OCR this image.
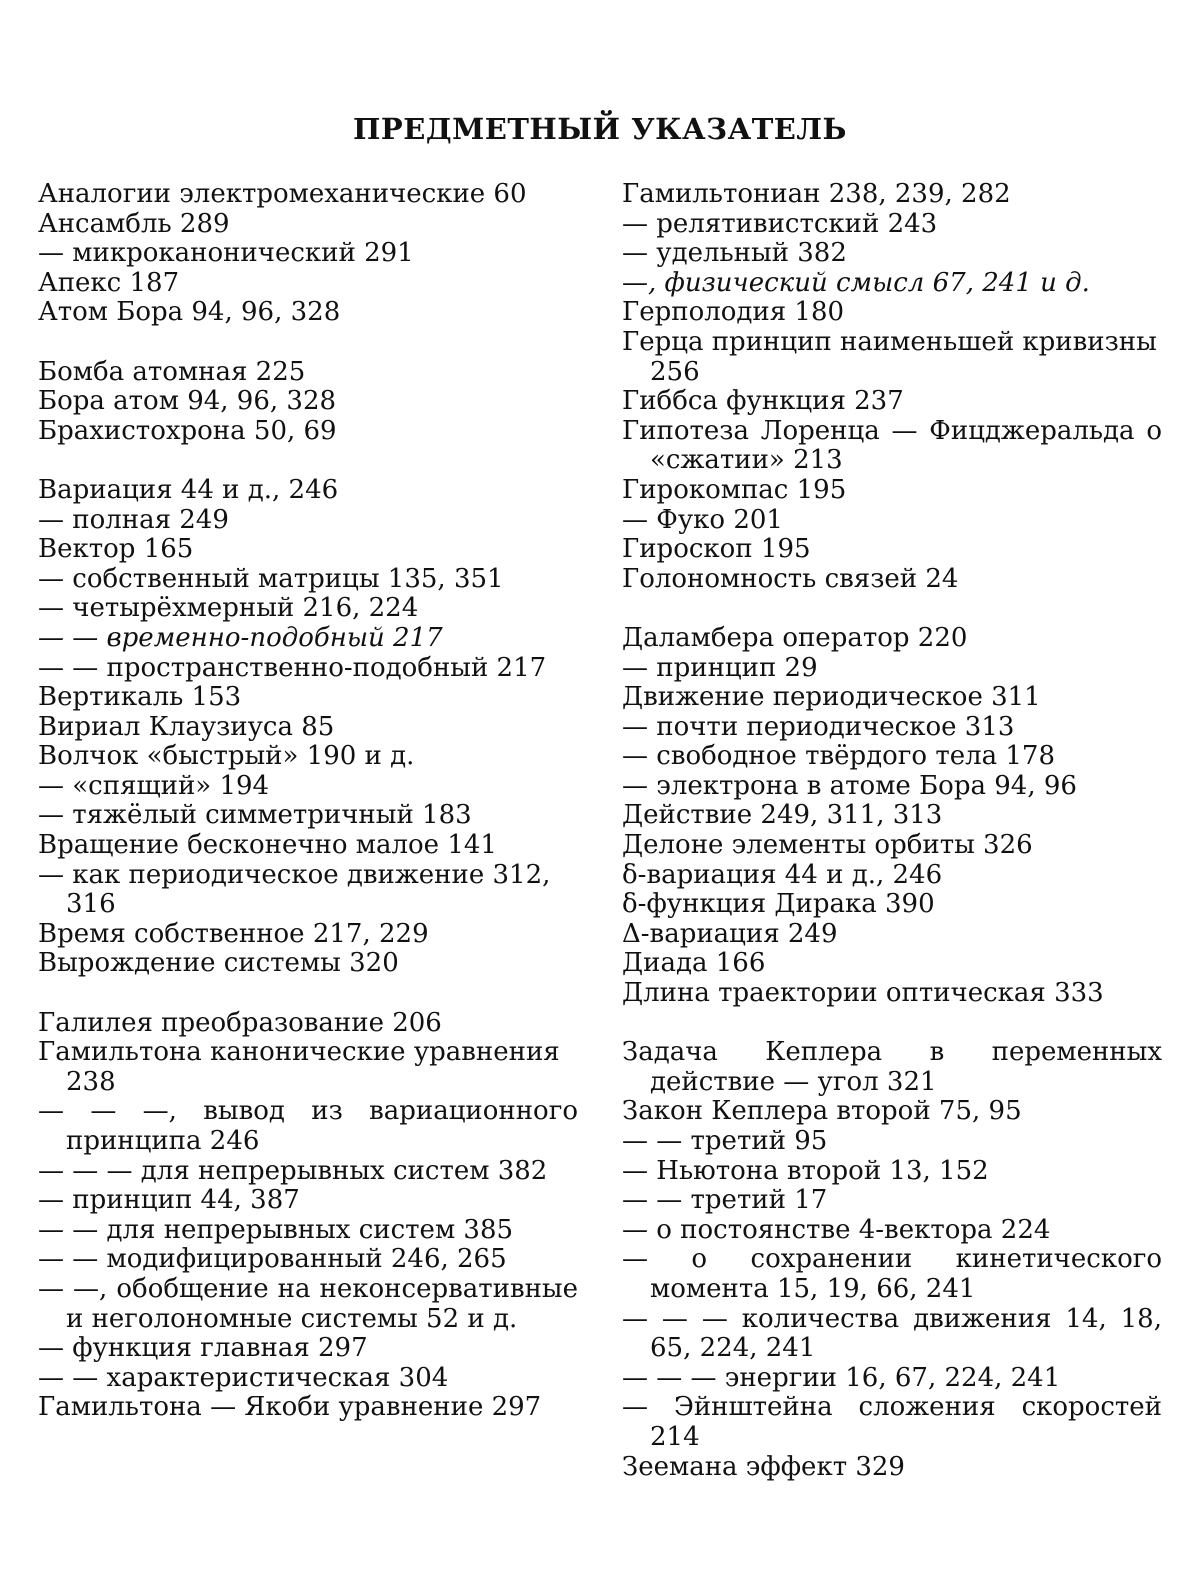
ПРЕДМЕТНЫЙ УКАЗАТЕЛЬ
Аналогии электромеханические 60
Ансамбль 289
— микроканонический 291
Апекс 187
Атом Бора 94, 96, 328
Бомба атомная 225
Бора атом 94, 96, 328
Брахистохрона 50, 69
Вариация 44 и д., 246
— полная 249
Вектор 165
— собственный матрицы 135, 351
— четырёхмерный 216, 224
— — временно-подобный 217
— — пространственно-подобный 217
Вертикаль 153
Вириал Клаузиуса 85
Волчок «быстрый» 190 и д.
— «спящий» 194
— тяжёлый симметричный 183
Вращение бесконечно малое 141
— как периодическое движение 312, 316
Время собственное 217, 229
Вырождение системы 320
Галилея преобразование 206
Гамильтона канонические уравнения 238
— — —, вывод из вариационного принципа 246
— — — для непрерывных систем 382
— принцип 44, 387
— — для непрерывных систем 385
— — модифицированный 246, 265
— —, обобщение на неконсервативные и неголономные системы 52 и д.
— функция главная 297
— — характеристическая 304
Гамильтона — Якоби уравнение 297
Гамильтониан 238, 239, 282
— релятивистский 243
— удельный 382
—, физический смысл 67, 241 и д.
Герполодия 180
Герца принцип наименьшей кривизны 256
Гиббса функция 237
Гипотеза Лоренца — Фицджеральда о «сжатии» 213
Гирокомпас 195
— Фуко 201
Гироскоп 195
Голономность связей 24
Даламбера оператор 220
— принцип 29
Движение периодическое 311
— почти периодическое 313
— свободное твёрдого тела 178
— электрона в атоме Бора 94, 96
Действие 249, 311, 313
Делоне элементы орбиты 326
δ-вариация 44 и д., 246
δ-функция Дирака 390
Δ-вариация 249
Диада 166
Длина траектории оптическая 333
Задача Кеплера в переменных действие — угол 321
Закон Кеплера второй 75, 95
— — третий 95
— Ньютона второй 13, 152
— — третий 17
— о постоянстве 4-вектора 224
— о сохранении кинетического момента 15, 19, 66, 241
— — — количества движения 14, 18, 65, 224, 241
— — — энергии 16, 67, 224, 241
— Эйнштейна сложения скоростей 214
Зеемана эффект 329
